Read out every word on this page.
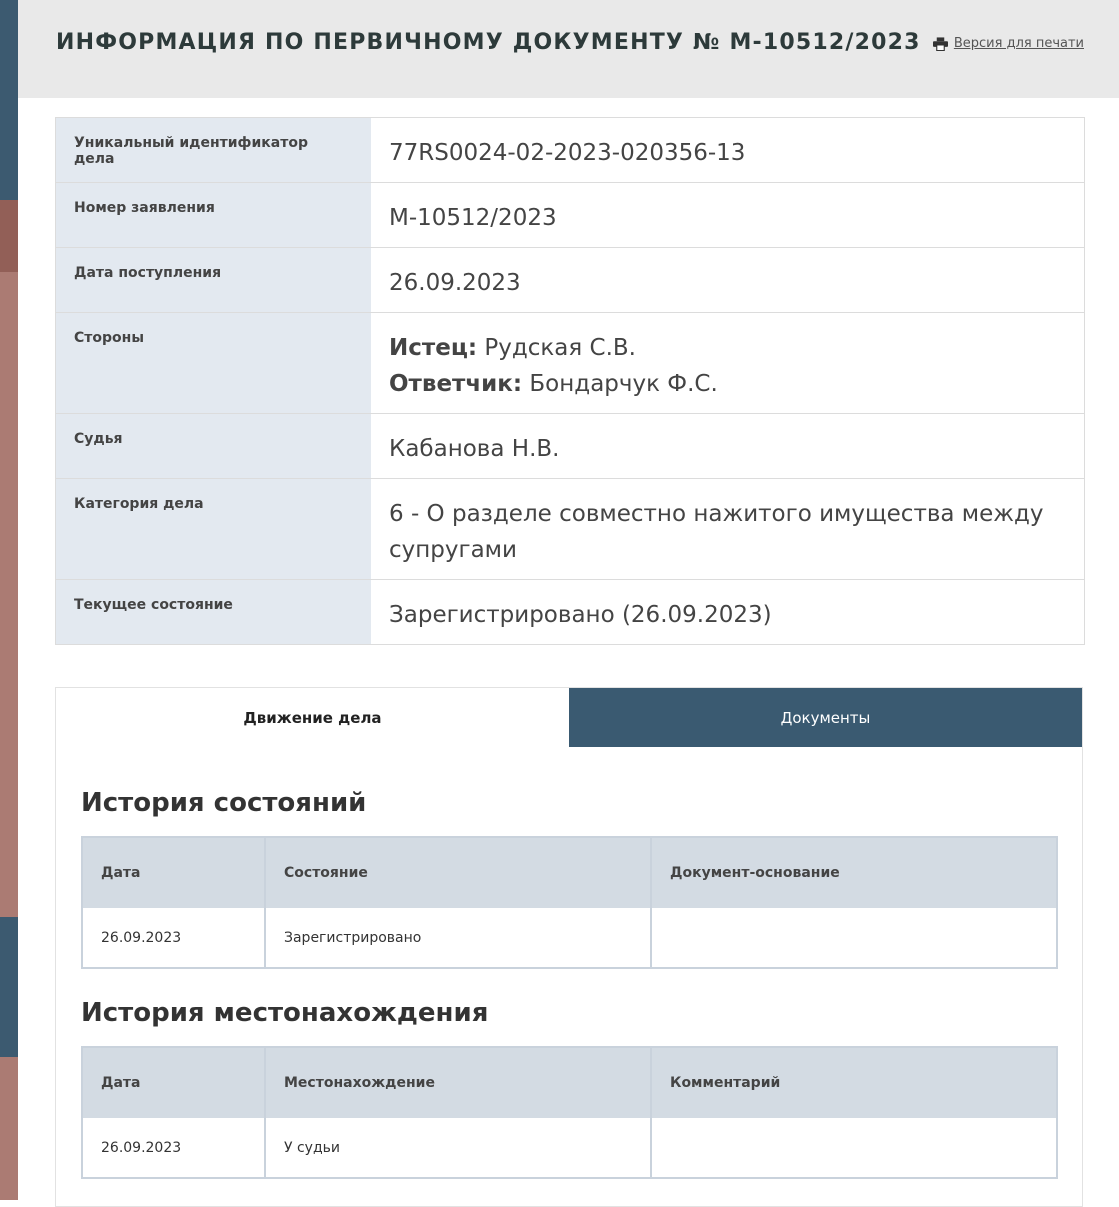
ИНФОРМАЦИЯ ПО ПЕРВИЧНОМУ ДОКУМЕНТУ № М-10512/2023	Версия для печати
Уникальный идентификатор дела	77RS0024-02-2023-020356-13
Номер заявления	М-10512/2023
Дата поступления	26.09.2023
Стороны	Истец: Рудская С.В.
Ответчик: Бондарчук Ф.С.
Судья	Кабанова Н.В.
Категория дела	6 - О разделе совместно нажитого имущества между супругами
Текущее состояние	Зарегистрировано (26.09.2023)
Движение дела	Документы
История состояний
Дата	Состояние	Документ-основание
26.09.2023	Зарегистрировано
История местонахождения
Дата	Местонахождение	Комментарий
26.09.2023	У судьи
